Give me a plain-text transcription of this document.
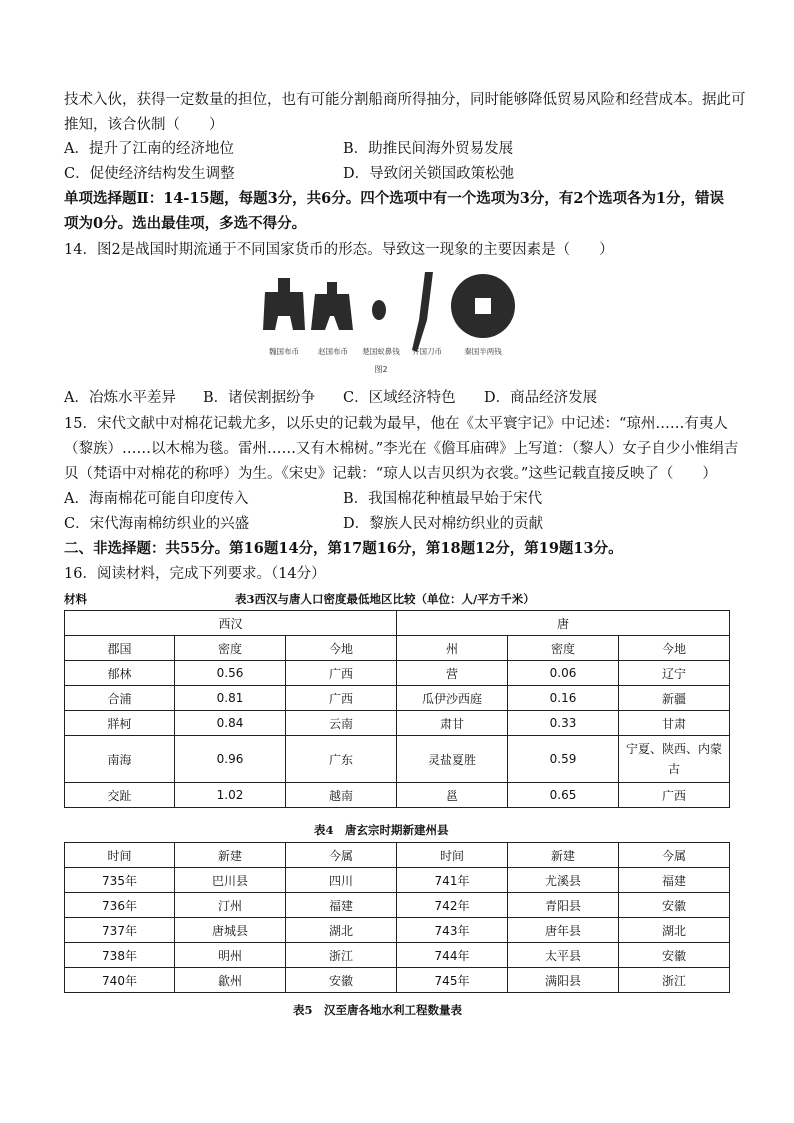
技术入伙，获得一定数量的担位，也有可能分割船商所得抽分，同时能够降低贸易风险和经营成本。据此可
推知，该合伙制（　　）
A．提升了江南的经济地位	B．助推民间海外贸易发展
C．促使经济结构发生调整	D．导致闭关锁国政策松弛
单项选择题Ⅱ：14-15题，每题3分，共6分。四个选项中有一个选项为3分，有2个选项各为1分，错误
项为0分。选出最佳项，多选不得分。
14．图2是战国时期流通于不同国家货币的形态。导致这一现象的主要因素是（　　）
魏国布币	赵国布币 楚国蚁鼻钱 齐国刀币	秦国半两钱
图2
A．冶炼水平差异 B．诸侯割据纷争 C．区域经济特色 D．商品经济发展
15．宋代文献中对棉花记载尤多，以乐史的记载为最早，他在《太平寰宇记》中记述：“琼州……有夷人
（黎族）……以木棉为毯。雷州……又有木棉树。”李光在《儋耳庙碑》上写道：（黎人）女子自少小惟绢吉
贝（梵语中对棉花的称呼）为生。《宋史》记载：“琼人以吉贝织为衣裳。”这些记载直接反映了（　　）
A．海南棉花可能自印度传入	B．我国棉花种植最早始于宋代
C．宋代海南棉纺织业的兴盛	D．黎族人民对棉纺织业的贡献
二、非选择题：共55分。第16题14分，第17题16分，第18题12分，第19题13分。
16．阅读材料，完成下列要求。（14分）
材料	表3西汉与唐人口密度最低地区比较（单位：人/平方千米）
西汉			唐		
郡国	密度	今地	州	密度	今地
郁林	0.56	广西	营	0.06	辽宁
合浦	0.81	广西	瓜伊沙西庭	0.16	新疆
牂柯	0.84	云南	肃甘	0.33	甘肃
南海	0.96	广东	灵盐夏胜	0.59	宁夏、陕西、内蒙古
交趾	1.02	越南	邕	0.65	广西
表4　唐玄宗时期新建州县
时间	新建	今属	时间	新建	今属
735年	巴川县	四川	741年	尤溪县	福建
736年	汀州	福建	742年	青阳县	安徽
737年	唐城县	湖北	743年	唐年县	湖北
738年	明州	浙江	744年	太平县	安徽
740年	歙州	安徽	745年	满阳县	浙江
表5　汉至唐各地水利工程数量表
